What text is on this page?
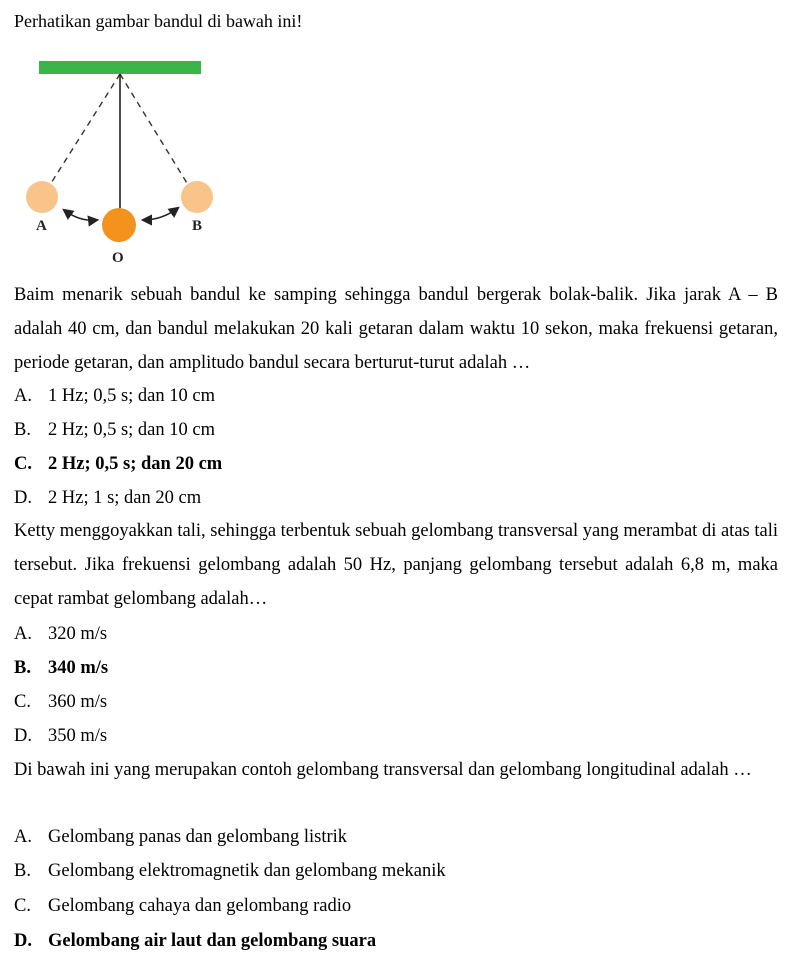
Perhatikan gambar bandul di bawah ini!
A	B
O
Baim menarik sebuah bandul ke samping sehingga bandul bergerak bolak-balik. Jika jarak A – B adalah 40 cm, dan bandul melakukan 20 kali getaran dalam waktu 10 sekon, maka frekuensi getaran, periode getaran, dan amplitudo bandul secara berturut-turut adalah …
A. 1 Hz; 0,5 s; dan 10 cm
B. 2 Hz; 0,5 s; dan 10 cm
C. 2 Hz; 0,5 s; dan 20 cm
D. 2 Hz; 1 s; dan 20 cm
Ketty menggoyakkan tali, sehingga terbentuk sebuah gelombang transversal yang merambat di atas tali tersebut. Jika frekuensi gelombang adalah 50 Hz, panjang gelombang tersebut adalah 6,8 m, maka cepat rambat gelombang adalah…
A. 320 m/s
B. 340 m/s
C. 360 m/s
D. 350 m/s
Di bawah ini yang merupakan contoh gelombang transversal dan gelombang longitudinal adalah …
A. Gelombang panas dan gelombang listrik
B. Gelombang elektromagnetik dan gelombang mekanik
C. Gelombang cahaya dan gelombang radio
D. Gelombang air laut dan gelombang suara
